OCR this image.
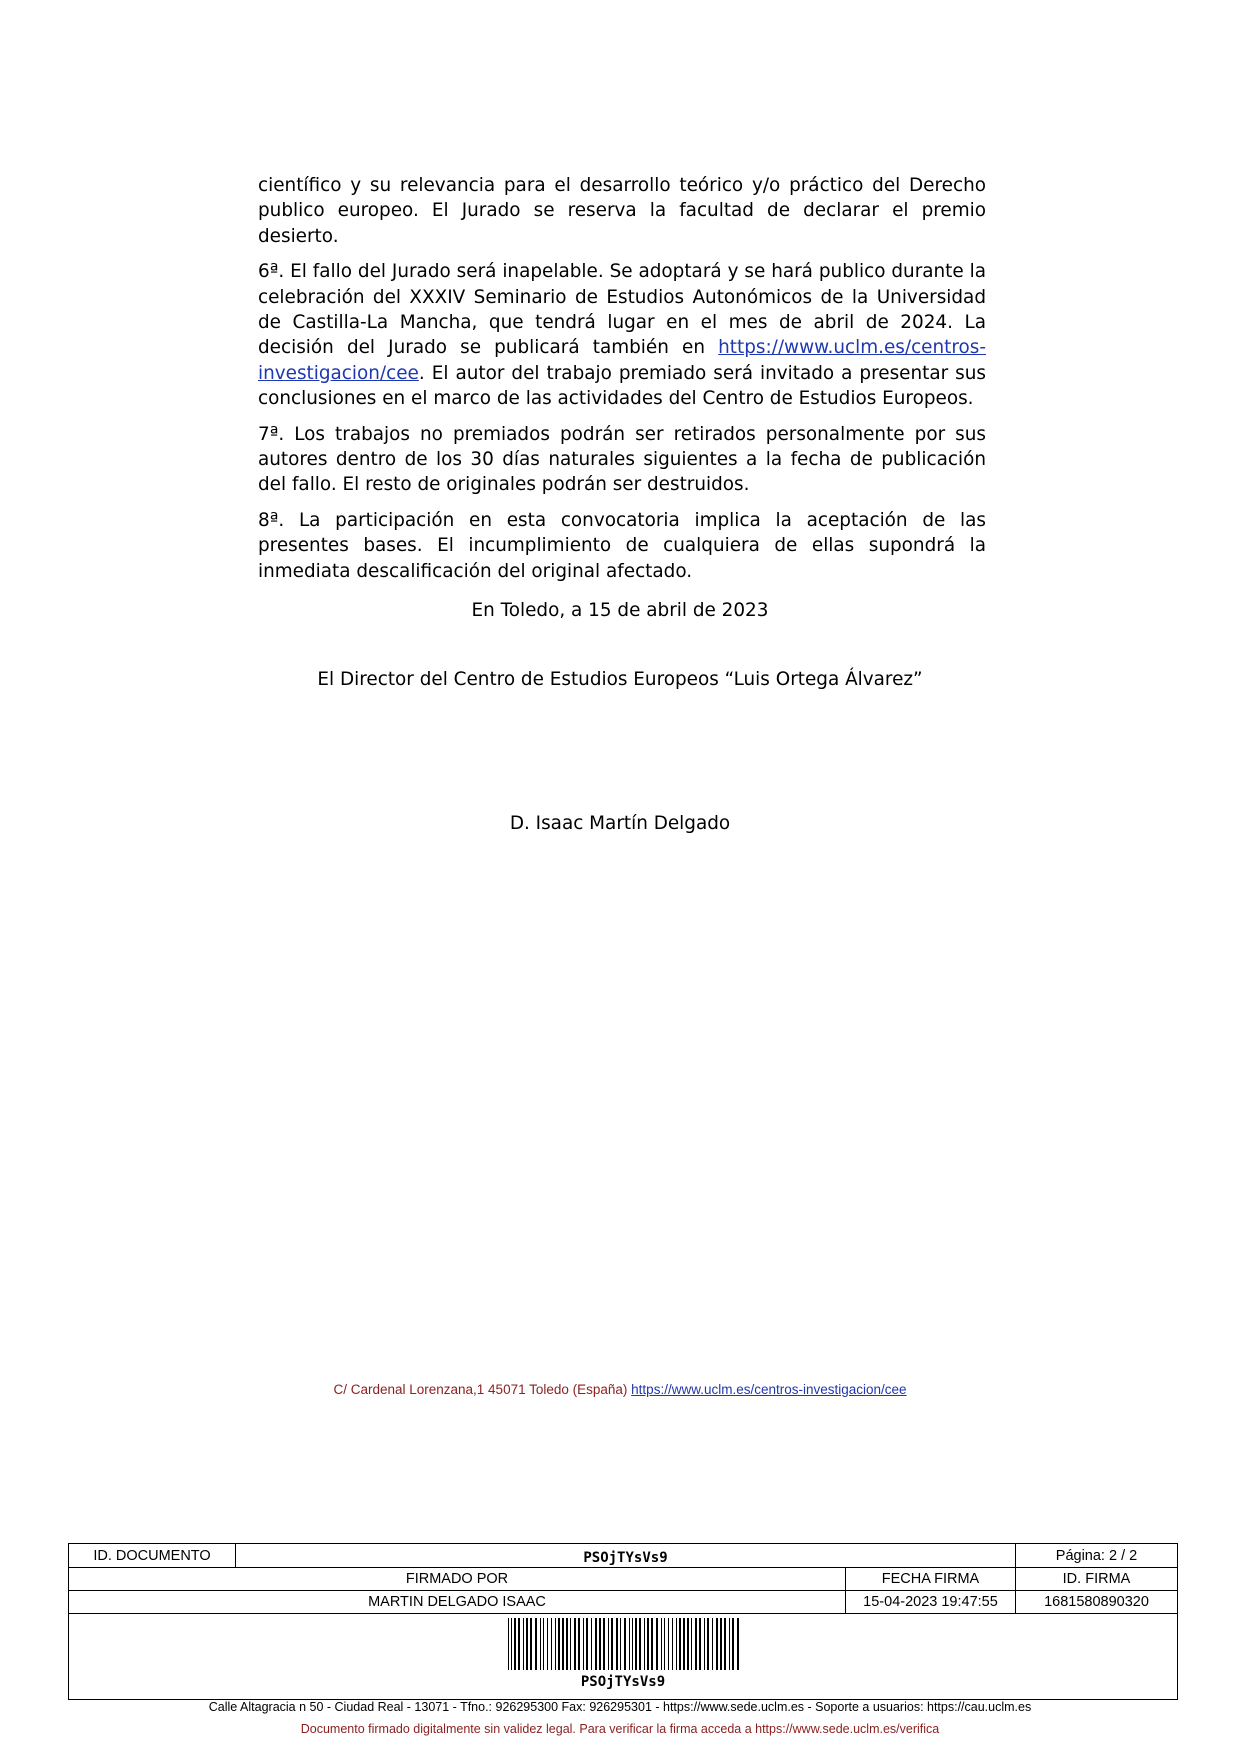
científico y su relevancia para el desarrollo teórico y/o práctico del Derecho publico europeo. El Jurado se reserva la facultad de declarar el premio desierto.

6ª. El fallo del Jurado será inapelable. Se adoptará y se hará publico durante la celebración del XXXIV Seminario de Estudios Autonómicos de la Universidad de Castilla-La Mancha, que tendrá lugar en el mes de abril de 2024. La decisión del Jurado se publicará también en https://www.uclm.es/centros-investigacion/cee. El autor del trabajo premiado será invitado a presentar sus conclusiones en el marco de las actividades del Centro de Estudios Europeos.

7ª. Los trabajos no premiados podrán ser retirados personalmente por sus autores dentro de los 30 días naturales siguientes a la fecha de publicación del fallo. El resto de originales podrán ser destruidos.

8ª. La participación en esta convocatoria implica la aceptación de las presentes bases. El incumplimiento de cualquiera de ellas supondrá la inmediata descalificación del original afectado.

En Toledo, a 15 de abril de 2023
El Director del Centro de Estudios Europeos “Luis Ortega Álvarez”
D. Isaac Martín Delgado
C/ Cardenal Lorenzana,1 45071 Toledo (España) https://www.uclm.es/centros-investigacion/cee
ID. DOCUMENTO	PSOjTYsVs9	Página: 2 / 2
FIRMADO POR	FECHA FIRMA	ID. FIRMA
MARTIN DELGADO ISAAC	15-04-2023 19:47:55	1681580890320
PSOjTYsVs9
Calle Altagracia n 50 - Ciudad Real - 13071 - Tfno.: 926295300 Fax: 926295301 - https://www.sede.uclm.es - Soporte a usuarios: https://cau.uclm.es
Documento firmado digitalmente sin validez legal. Para verificar la firma acceda a https://www.sede.uclm.es/verifica
